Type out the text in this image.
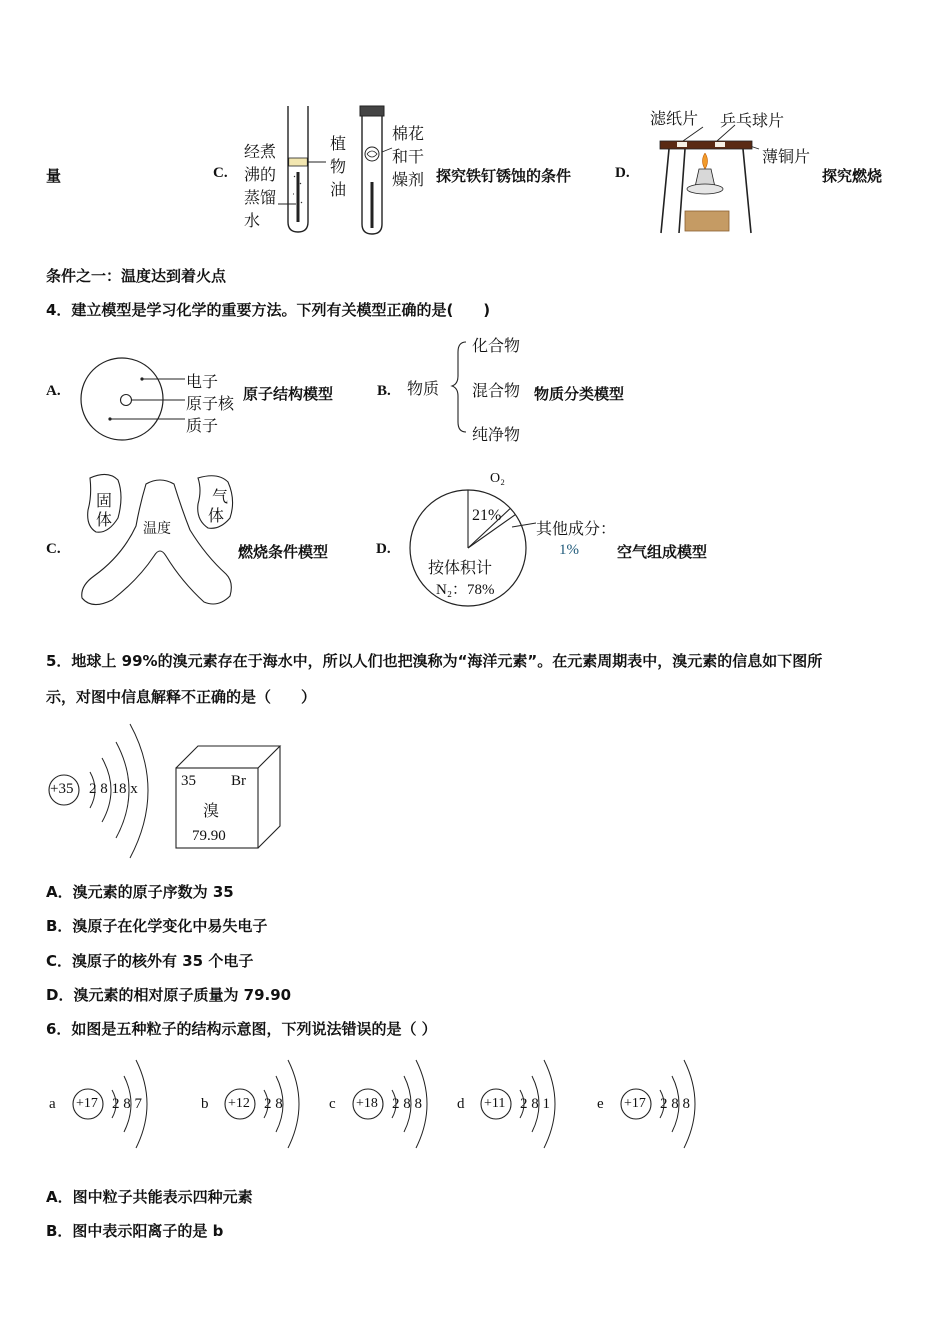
量	C.
经煮
沸的
蒸馏
水
植
物
油
棉花
和干
燥剂 探究铁钉锈蚀的条件	D.
滤纸片 乒乓球片
薄铜片
探究燃烧
条件之一：温度达到着火点
4．建立模型是学习化学的重要方法。下列有关模型正确的是(　　)
A.	电子
原子核
质子
原子结构模型	B. 物质
化合物
混合物
纯净物
物质分类模型
C.
固
体
气
体
温度
燃烧条件模型	D.
O₂
21%
其他成分：
1%
按体积计
N₂：78%
空气组成模型
5．地球上 99%的溴元素存在于海水中，所以人们也把溴称为“海洋元素”。在元素周期表中，溴元素的信息如下图所
示，对图中信息解释不正确的是（　　）
+35 2 8 18 x	35 Br
溴
79.90
A．溴元素的原子序数为 35
B．溴原子在化学变化中易失电子
C．溴原子的核外有 35 个电子
D．溴元素的相对原子质量为 79.90
6．如图是五种粒子的结构示意图，下列说法错误的是（ ）
a +17 2 8 7	b +12 2 8	c +18 2 8 8 d +11 2 8 1	e +17 2 8 8
A．图中粒子共能表示四种元素
B．图中表示阳离子的是 b
